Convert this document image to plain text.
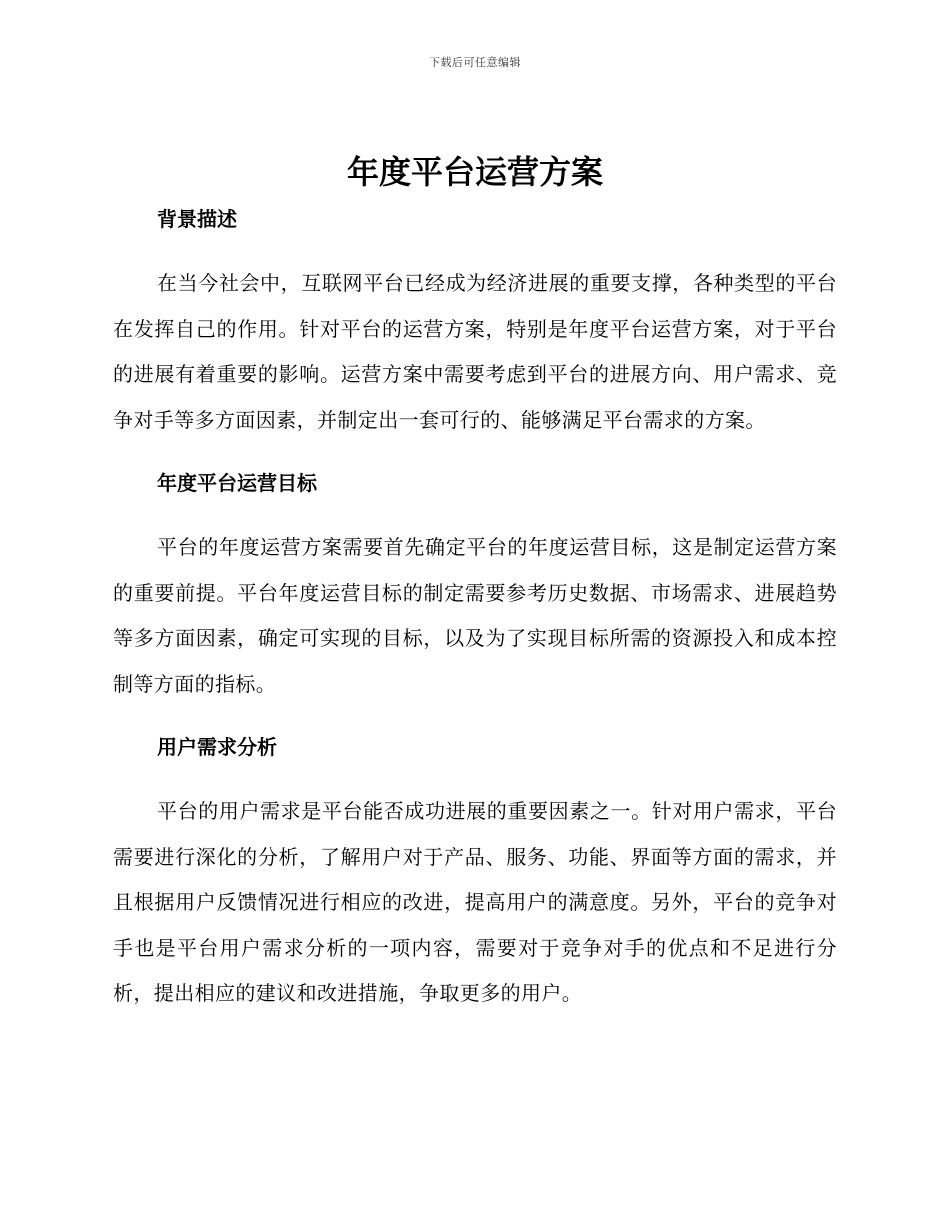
下载后可任意编辑
年度平台运营方案
背景描述

在当今社会中，互联网平台已经成为经济进展的重要支撑，各种类型的平台在发挥自己的作用。针对平台的运营方案，特别是年度平台运营方案，对于平台的进展有着重要的影响。运营方案中需要考虑到平台的进展方向、用户需求、竞争对手等多方面因素，并制定出一套可行的、能够满足平台需求的方案。

年度平台运营目标

平台的年度运营方案需要首先确定平台的年度运营目标，这是制定运营方案的重要前提。平台年度运营目标的制定需要参考历史数据、市场需求、进展趋势等多方面因素，确定可实现的目标，以及为了实现目标所需的资源投入和成本控制等方面的指标。

用户需求分析

平台的用户需求是平台能否成功进展的重要因素之一。针对用户需求，平台需要进行深化的分析，了解用户对于产品、服务、功能、界面等方面的需求，并且根据用户反馈情况进行相应的改进，提高用户的满意度。另外，平台的竞争对手也是平台用户需求分析的一项内容，需要对于竞争对手的优点和不足进行分析，提出相应的建议和改进措施，争取更多的用户。
